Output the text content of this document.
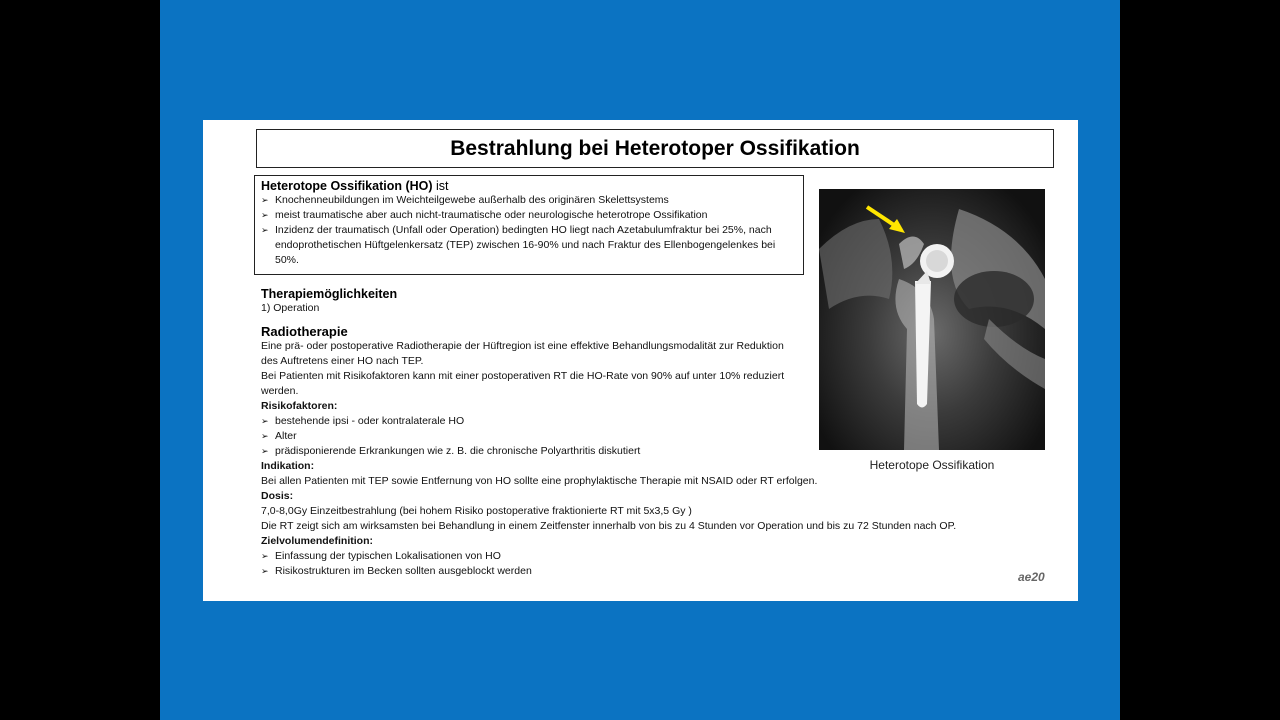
Bestrahlung bei Heterotoper Ossifikation
Heterotope Ossifikation (HO) ist
➢ Knochenneubildungen im Weichteilgewebe außerhalb des originären Skelettsystems
➢ meist traumatische aber auch nicht-traumatische oder neurologische heterotrope Ossifikation
➢ Inzidenz der traumatisch (Unfall oder Operation) bedingten HO liegt nach Azetabulumfraktur bei 25%, nach endoprothetischen Hüftgelenkersatz (TEP) zwischen 16-90% und nach Fraktur des Ellenbogengelenkes bei 50%.
Therapiemöglichkeiten
1) Operation
Radiotherapie
Eine prä- oder postoperative Radiotherapie der Hüftregion ist eine effektive Behandlungsmodalität zur Reduktion des Auftretens einer HO nach TEP.
Bei Patienten mit Risikofaktoren kann mit einer postoperativen RT die HO-Rate von 90% auf unter 10% reduziert werden.
Risikofaktoren:
➢ bestehende ipsi - oder kontralaterale HO
➢ Alter
➢ prädisponierende Erkrankungen wie z. B. die chronische Polyarthritis diskutiert
Indikation:
Bei allen Patienten mit TEP sowie Entfernung von HO sollte eine prophylaktische Therapie mit NSAID oder RT erfolgen.
Dosis:
7,0-8,0Gy Einzeitbestrahlung (bei hohem Risiko postoperative fraktionierte RT mit 5x3,5 Gy )
Die RT zeigt sich am wirksamsten bei Behandlung in einem Zeitfenster innerhalb von bis zu 4 Stunden vor Operation und bis zu 72 Stunden nach OP.
Zielvolumendefinition:
➢ Einfassung der typischen Lokalisationen von HO
➢ Risikostrukturen im Becken sollten ausgeblockt werden
Heterotope Ossifikation
ae20
